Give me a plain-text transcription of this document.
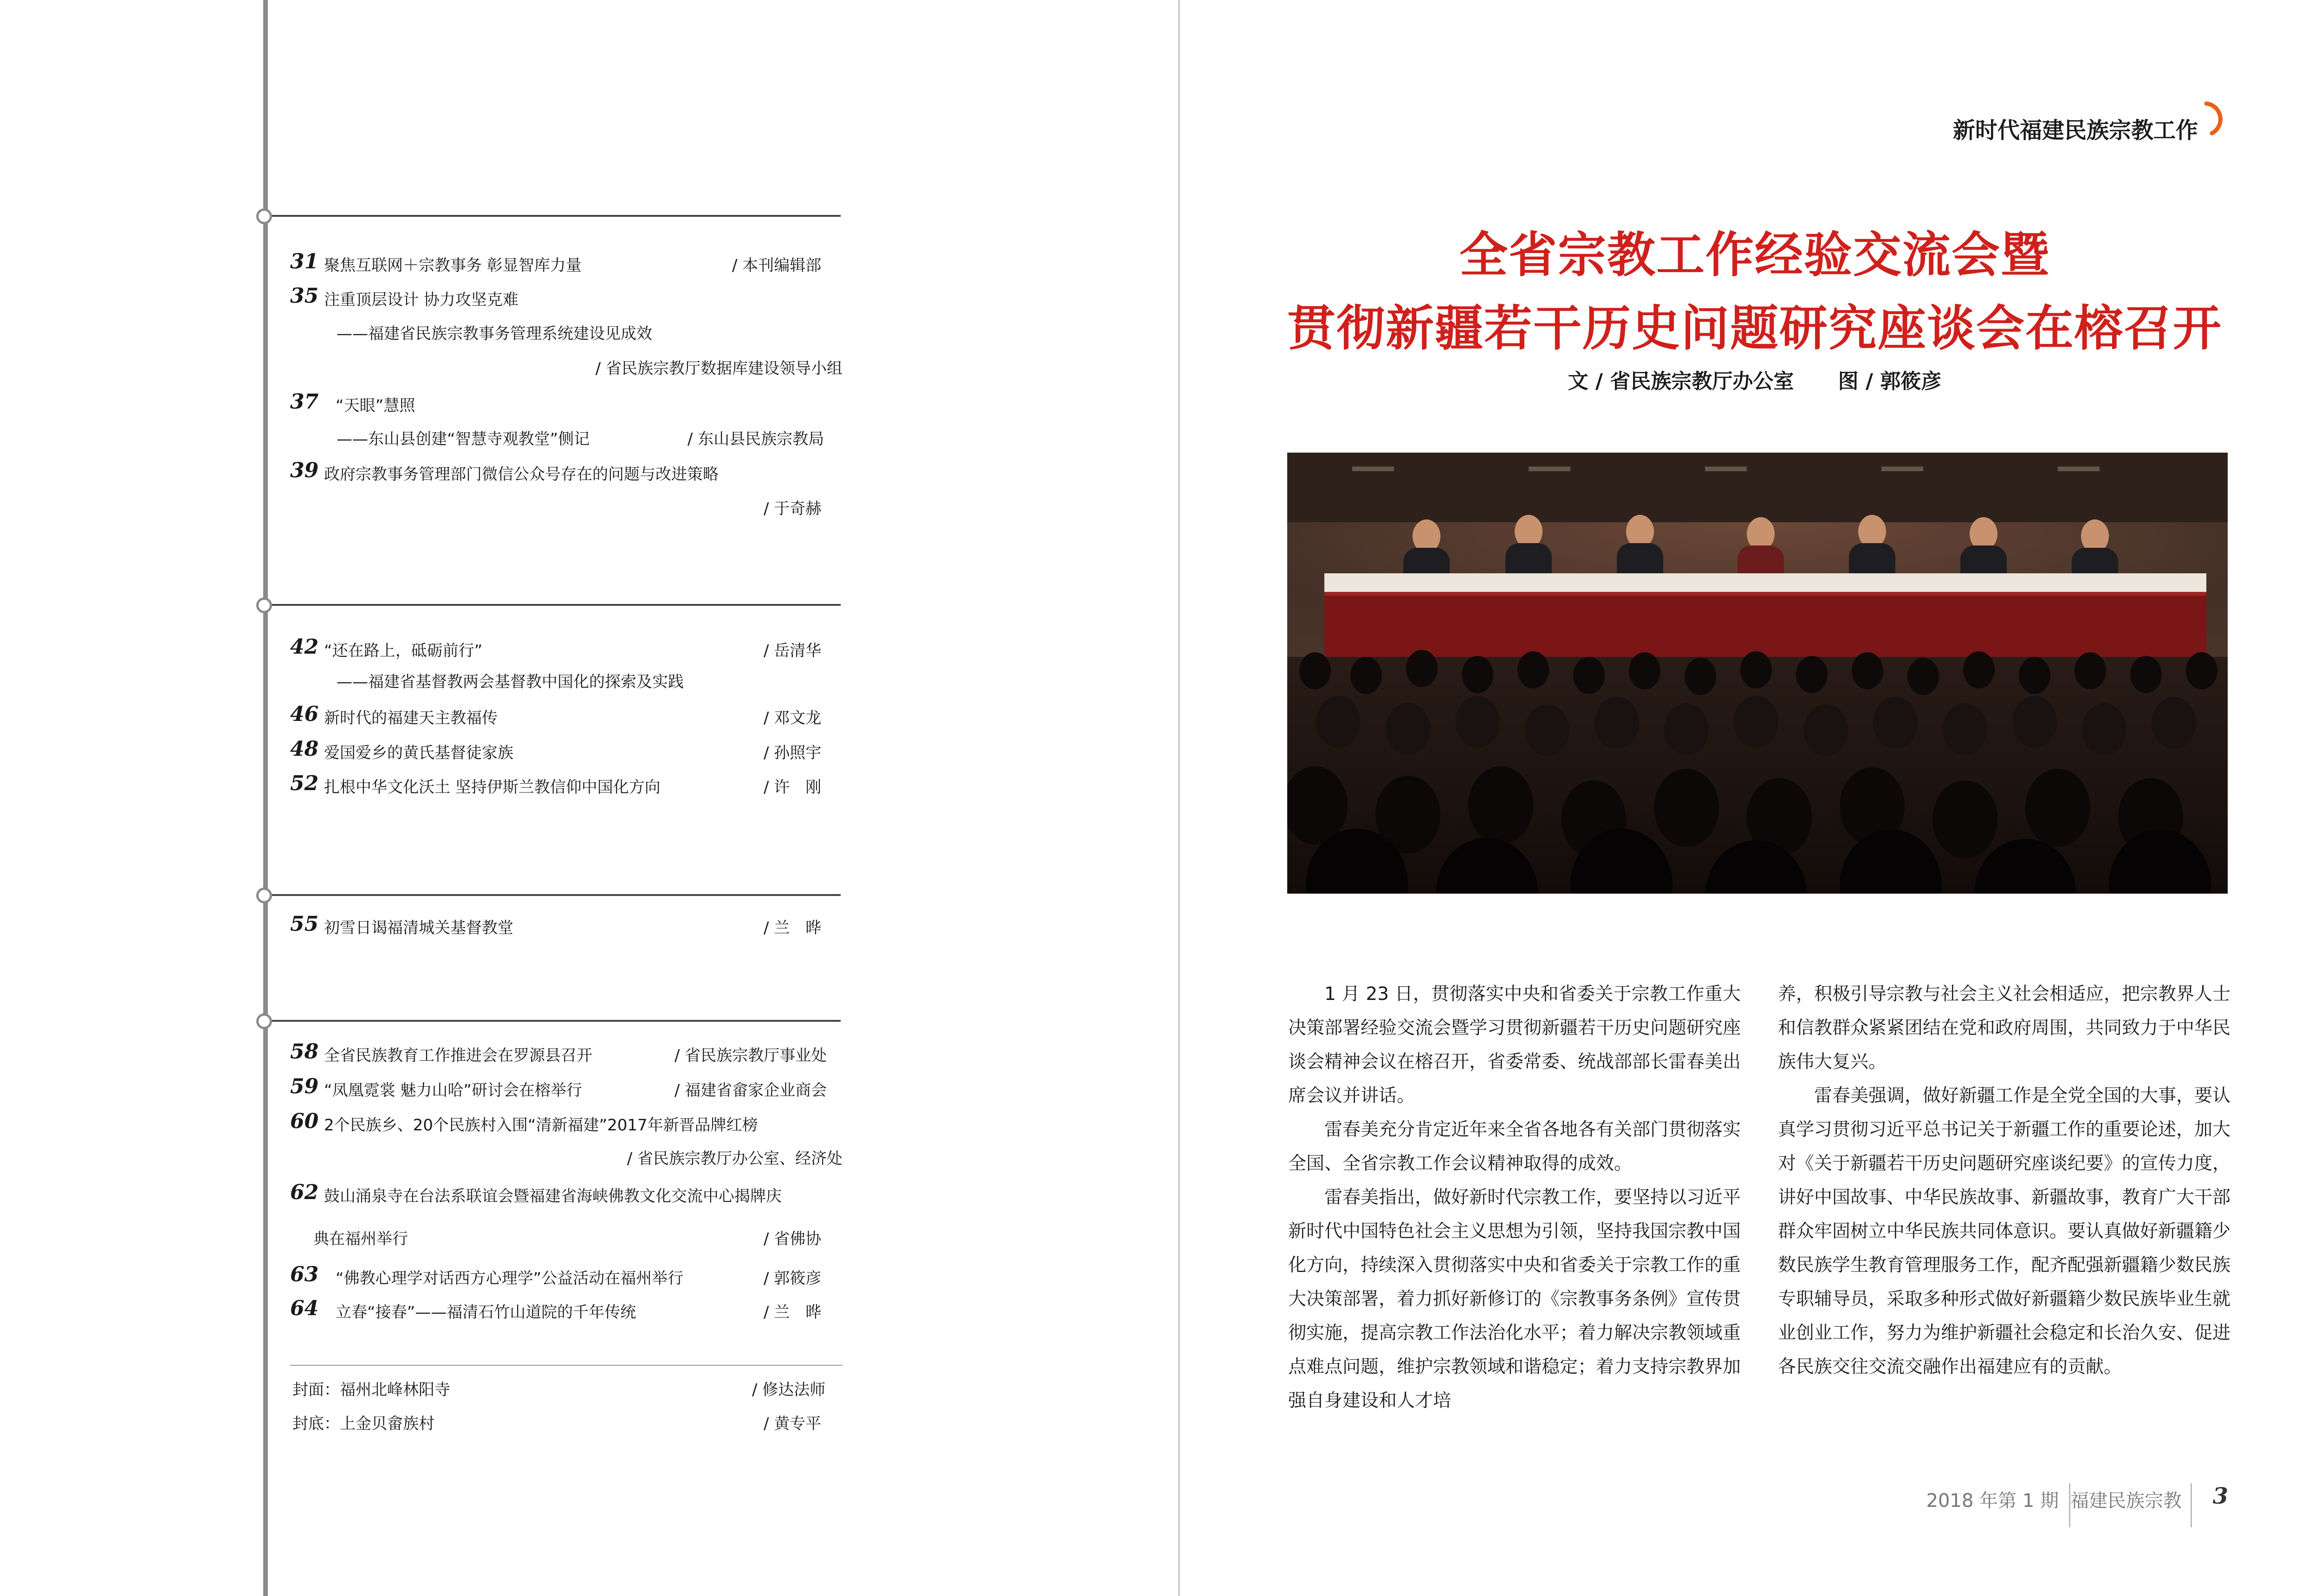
31 聚焦互联网＋宗教事务 彰显智库力量	/ 本刊编辑部
35 注重顶层设计 协力攻坚克难
——福建省民族宗教事务管理系统建设见成效
/ 省民族宗教厅数据库建设领导小组
37 “天眼”慧照
——东山县创建“智慧寺观教堂”侧记	/ 东山县民族宗教局
39 政府宗教事务管理部门微信公众号存在的问题与改进策略
/ 于奇赫
42 “还在路上，砥砺前行”	/ 岳清华
——福建省基督教两会基督教中国化的探索及实践
46 新时代的福建天主教福传	/ 邓文龙
48 爱国爱乡的黄氏基督徒家族	/ 孙照宇
52 扎根中华文化沃土 坚持伊斯兰教信仰中国化方向	/ 许　刚
55 初雪日谒福清城关基督教堂	/ 兰　晔
58 全省民族教育工作推进会在罗源县召开	/ 省民族宗教厅事业处
59 “凤凰霓裳 魅力山哈”研讨会在榕举行	/ 福建省畲家企业商会
60 2个民族乡、20个民族村入围“清新福建”2017年新晋品牌红榜
/ 省民族宗教厅办公室、经济处
62 鼓山涌泉寺在台法系联谊会暨福建省海峡佛教文化交流中心揭牌庆
典在福州举行	/ 省佛协
63 “佛教心理学对话西方心理学”公益活动在福州举行	/ 郭筱彦
64 立春“接春”——福清石竹山道院的千年传统	/ 兰　晔
封面：福州北峰林阳寺	/ 修达法师
封底：上金贝畲族村	/ 黄专平
新时代福建民族宗教工作
全省宗教工作经验交流会暨
贯彻新疆若干历史问题研究座谈会在榕召开
文 / 省民族宗教厅办公室 图 / 郭筱彦

1 月 23 日，贯彻落实中央和省委关于宗教工作重大决策部署经验交流会暨学习贯彻新疆若干历史问题研究座谈会精神会议在榕召开，省委常委、统战部部长雷春美出席会议并讲话。

雷春美充分肯定近年来全省各地各有关部门贯彻落实全国、全省宗教工作会议精神取得的成效。

雷春美指出，做好新时代宗教工作，要坚持以习近平新时代中国特色社会主义思想为引领，坚持我国宗教中国化方向，持续深入贯彻落实中央和省委关于宗教工作的重大决策部署，着力抓好新修订的《宗教事务条例》宣传贯彻实施，提高宗教工作法治化水平；着力解决宗教领域重点难点问题，维护宗教领域和谐稳定；着力支持宗教界加强自身建设和人才培

养，积极引导宗教与社会主义社会相适应，把宗教界人士和信教群众紧紧团结在党和政府周围，共同致力于中华民族伟大复兴。

雷春美强调，做好新疆工作是全党全国的大事，要认真学习贯彻习近平总书记关于新疆工作的重要论述，加大对《关于新疆若干历史问题研究座谈纪要》的宣传力度，讲好中国故事、中华民族故事、新疆故事，教育广大干部群众牢固树立中华民族共同体意识。要认真做好新疆籍少数民族学生教育管理服务工作，配齐配强新疆籍少数民族专职辅导员，采取多种形式做好新疆籍少数民族毕业生就业创业工作，努力为维护新疆社会稳定和长治久安、促进各民族交往交流交融作出福建应有的贡献。

2018 年第 1 期 福建民族宗教 3
